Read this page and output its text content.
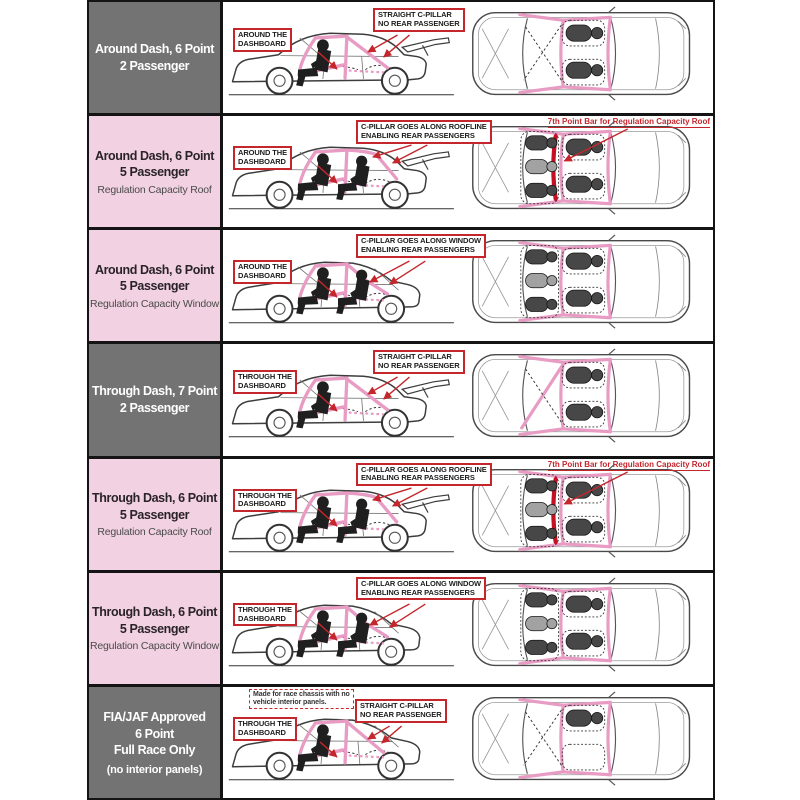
Around Dash, 6 Point
2 Passenger
AROUND THE
DASHBOARD
STRAIGHT C-PILLAR
NO REAR PASSENGER
Around Dash, 6 Point
5 Passenger
Regulation Capacity Roof
AROUND THE
DASHBOARD
C-PILLAR GOES ALONG ROOFLINE
ENABLING REAR PASSENGERS
7th Point Bar for Regulation Capacity Roof
Around Dash, 6 Point
5 Passenger
Regulation Capacity Window
AROUND THE
DASHBOARD
C-PILLAR GOES ALONG WINDOW
ENABLING REAR PASSENGERS
Through Dash, 7 Point
2 Passenger
THROUGH THE
DASHBOARD
STRAIGHT C-PILLAR
NO REAR PASSENGER
Through Dash, 6 Point
5 Passenger
Regulation Capacity Roof
THROUGH THE
DASHBOARD
C-PILLAR GOES ALONG ROOFLINE
ENABLING REAR PASSENGERS
7th Point Bar for Regulation Capacity Roof
Through Dash, 6 Point
5 Passenger
Regulation Capacity Window
THROUGH THE
DASHBOARD
C-PILLAR GOES ALONG WINDOW
ENABLING REAR PASSENGERS
FIA/JAF Approved
6 Point
Full Race Only
(no interior panels)
THROUGH THE
DASHBOARD
STRAIGHT C-PILLAR
NO REAR PASSENGER
Made for race chassis with no
vehicle interior panels.
